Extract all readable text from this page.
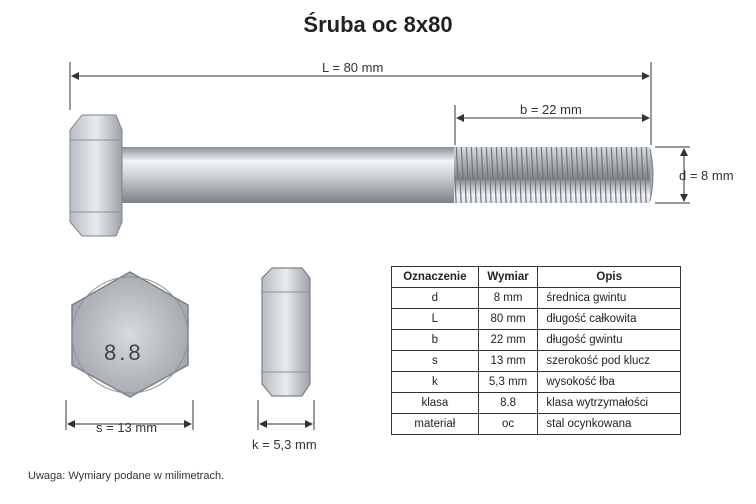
Śruba oc 8x80
L = 80 mm
b = 22 mm
d = 8 mm
s = 13 mm
k = 5,3 mm
8.8
Oznaczenie	Wymiar	Opis
d	8 mm	średnica gwintu
L	80 mm	długość całkowita
b	22 mm	długość gwintu
s	13 mm	szerokość pod klucz
k	5,3 mm	wysokość łba
klasa	8.8	klasa wytrzymałości
materiał	oc	stal ocynkowana
Uwaga: Wymiary podane w milimetrach.
